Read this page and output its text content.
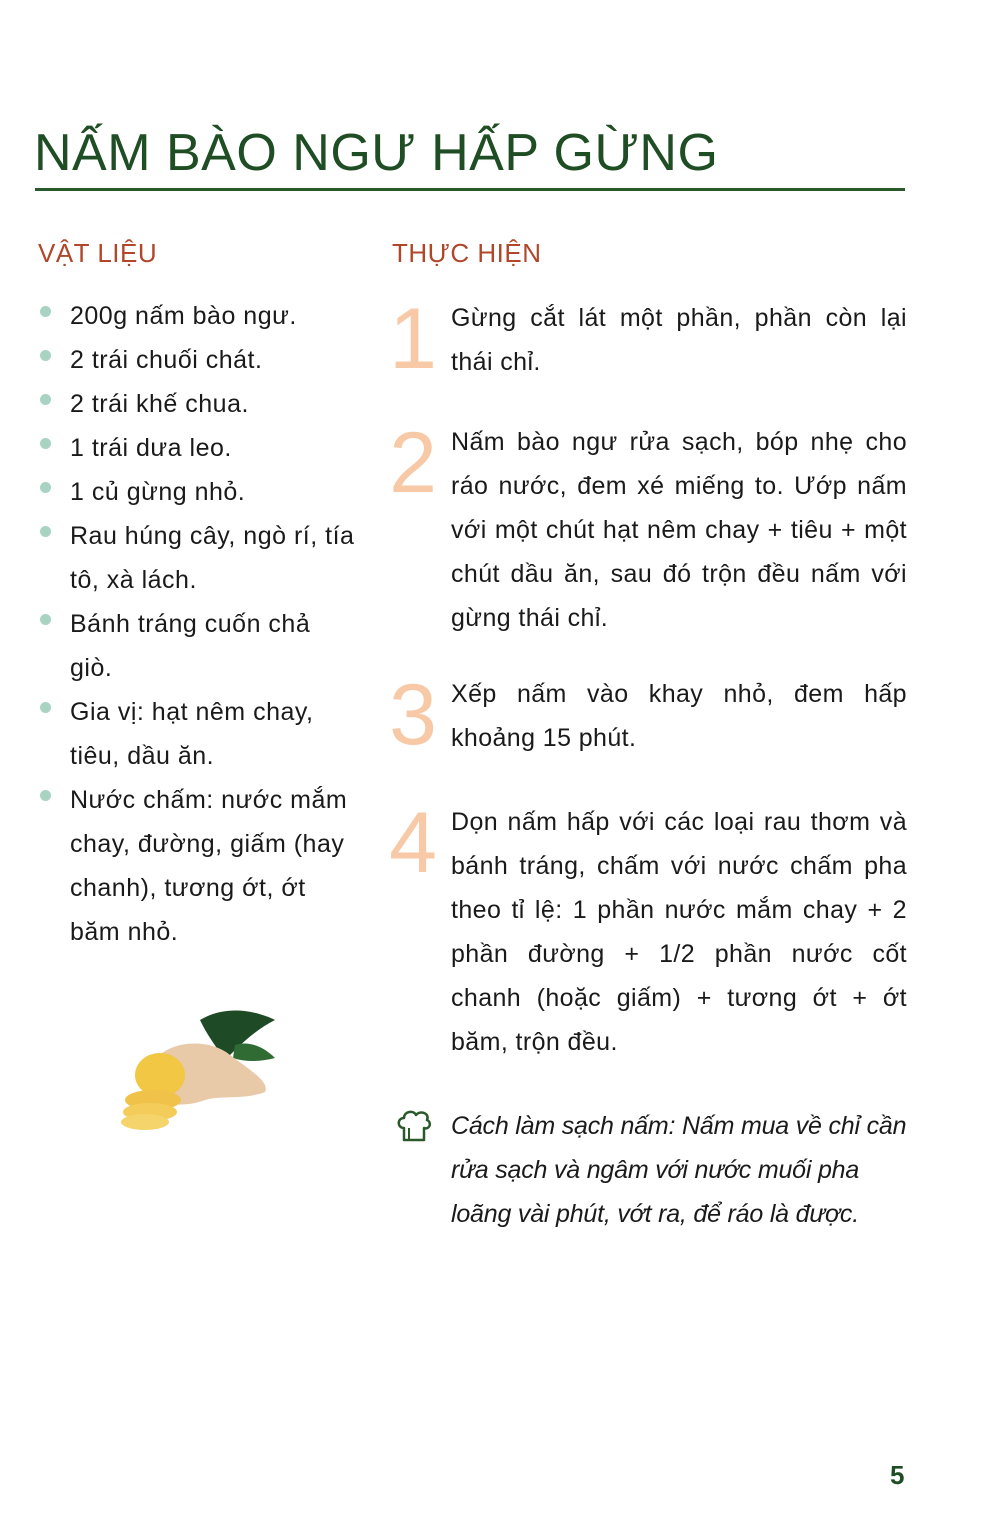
NẤM BÀO NGƯ HẤP GỪNG
VẬT LIỆU	THỰC HIỆN
200g nấm bào ngư.
2 trái chuối chát.
2 trái khế chua.
1 trái dưa leo.
1 củ gừng nhỏ.
Rau húng cây, ngò rí, tía tô, xà lách.
Bánh tráng cuốn chả giò.
Gia vị: hạt nêm chay, tiêu, dầu ăn.
Nước chấm: nước mắm chay, đường, giấm (hay chanh), tương ớt, ớt băm nhỏ.
1 Gừng cắt lát một phần, phần còn lại thái chỉ.
2 Nấm bào ngư rửa sạch, bóp nhẹ cho ráo nước, đem xé miếng to. Ướp nấm với một chút hạt nêm chay + tiêu + một chút dầu ăn, sau đó trộn đều nấm với gừng thái chỉ.
3 Xếp nấm vào khay nhỏ, đem hấp khoảng 15 phút.
4 Dọn nấm hấp với các loại rau thơm và bánh tráng, chấm với nước chấm pha theo tỉ lệ: 1 phần nước mắm chay + 2 phần đường + 1/2 phần nước cốt chanh (hoặc giấm) + tương ớt + ớt băm, trộn đều.
Cách làm sạch nấm: Nấm mua về chỉ cần rửa sạch và ngâm với nước muối pha loãng vài phút, vớt ra, để ráo là được.
5
